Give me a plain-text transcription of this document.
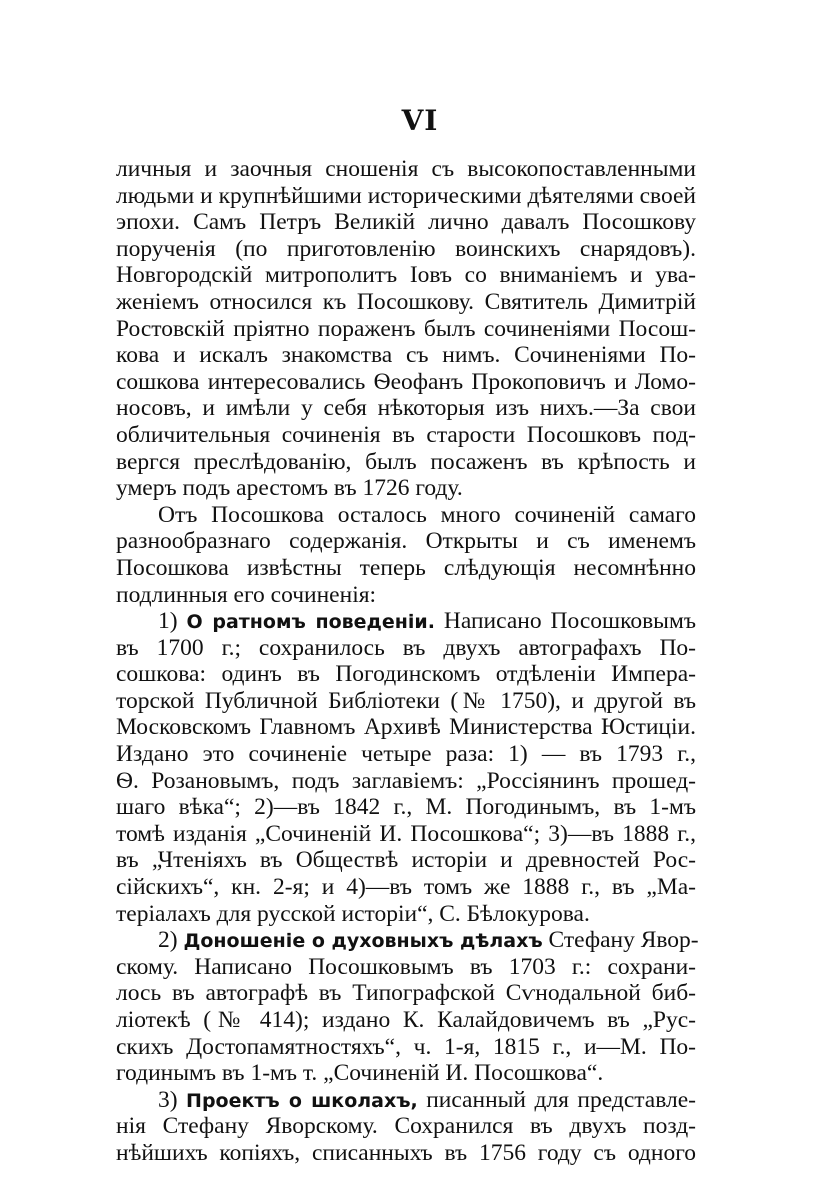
VI
личныя и заочныя сношенія съ высокопоставленными
людьми и крупнѣйшими историческими дѣятелями своей
эпохи. Самъ Петръ Великій лично давалъ Посошкову
порученія (по приготовленію воинскихъ снарядовъ).
Новгородскій митрополитъ Іовъ со вниманіемъ и ува-
женіемъ относился къ Посошкову. Святитель Димитрій
Ростовскій пріятно пораженъ былъ сочиненіями Посош-
кова и искалъ знакомства съ нимъ. Сочиненіями По-
сошкова интересовались Ѳеофанъ Прокоповичъ и Ломо-
носовъ, и имѣли у себя нѣкоторыя изъ нихъ.—За свои
обличительныя сочиненія въ старости Посошковъ под-
вергся преслѣдованію, былъ посаженъ въ крѣпость и
умеръ подъ арестомъ въ 1726 году.
Отъ Посошкова осталось много сочиненій самаго
разнообразнаго содержанія. Открыты и съ именемъ
Посошкова извѣстны теперь слѣдующія несомнѣнно
подлинныя его сочиненія:
1) О ратномъ поведеніи. Написано Посошковымъ
въ 1700 г.; сохранилось въ двухъ автографахъ По-
сошкова: одинъ въ Погодинскомъ отдѣленіи Импера-
торской Публичной Библіотеки (№ 1750), и другой въ
Московскомъ Главномъ Архивѣ Министерства Юстиціи.
Издано это сочиненіе четыре раза: 1) — въ 1793 г.,
Ѳ. Розановымъ, подъ заглавіемъ: „Россіянинъ прошед-
шаго вѣка“; 2)—въ 1842 г., М. Погодинымъ, въ 1-мъ
томѣ изданія „Сочиненій И. Посошкова“; 3)—въ 1888 г.,
въ „Чтеніяхъ въ Обществѣ исторіи и древностей Рос-
сійскихъ“, кн. 2-я; и 4)—въ томъ же 1888 г., въ „Ма-
теріалахъ для русской исторіи“, С. Бѣлокурова.
2) Доношеніе о духовныхъ дѣлахъ Стефану Явор-
скому. Написано Посошковымъ въ 1703 г.: сохрани-
лось въ автографѣ въ Типографской Сѵнодальной биб-
ліотекѣ (№ 414); издано К. Калайдовичемъ въ „Рус-
скихъ Достопамятностяхъ“, ч. 1-я, 1815 г., и—М. По-
годинымъ въ 1-мъ т. „Сочиненій И. Посошкова“.
3) Проектъ о школахъ, писанный для представле-
нія Стефану Яворскому. Сохранился въ двухъ позд-
нѣйшихъ копіяхъ, списанныхъ въ 1756 году съ одного
